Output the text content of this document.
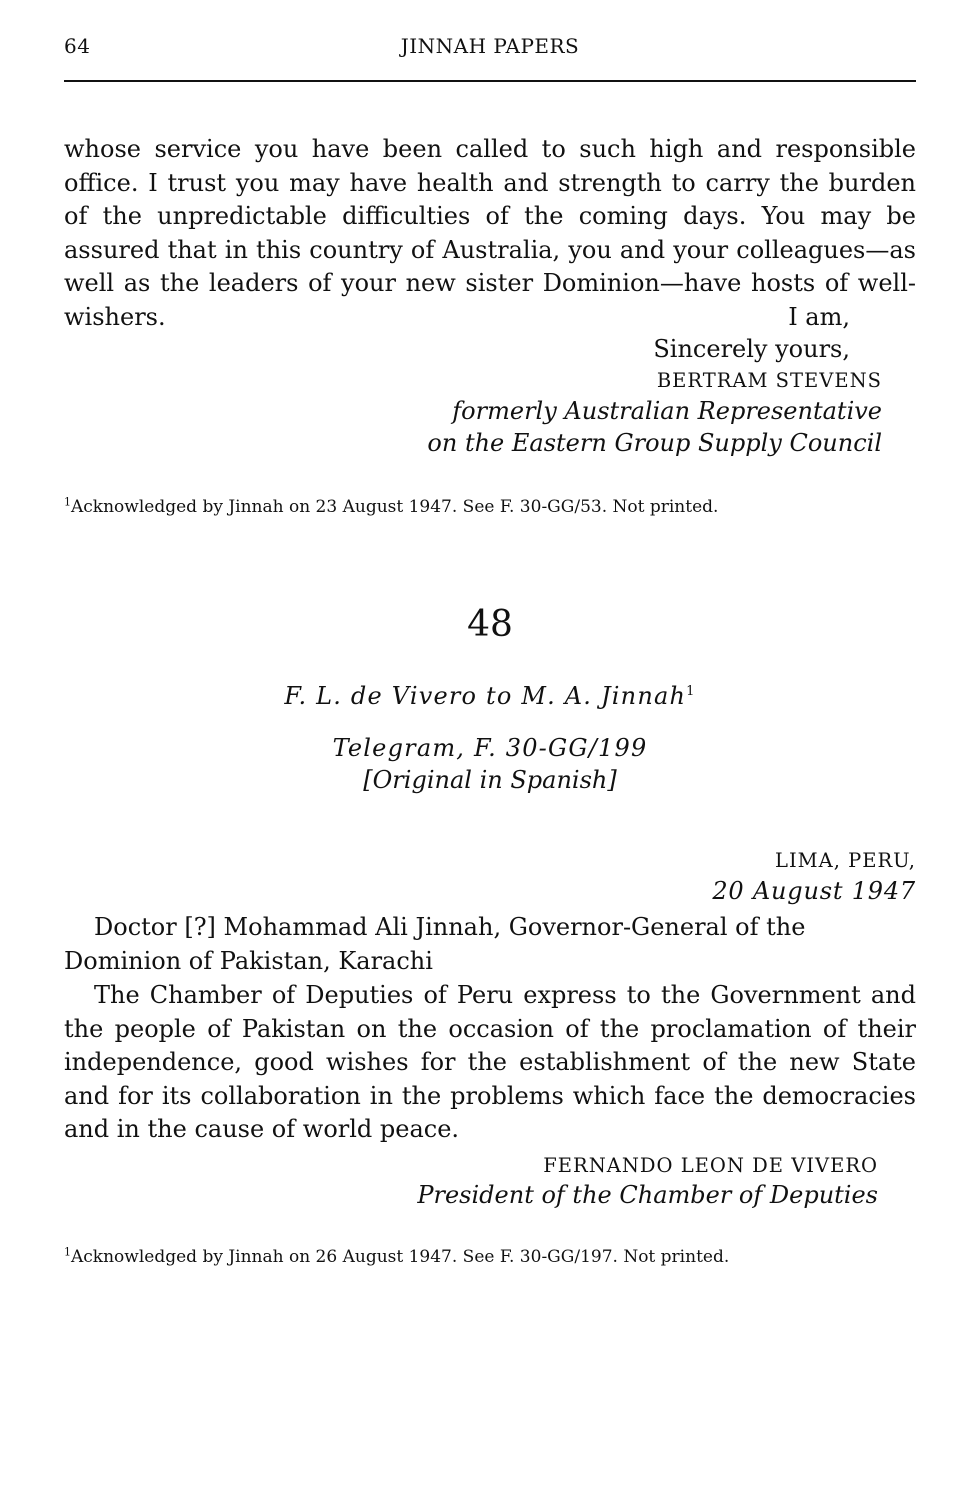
64	JINNAH PAPERS

whose service you have been called to such high and responsible office. I trust you may have health and strength to carry the burden of the unpredictable difficulties of the coming days. You may be assured that in this country of Australia, you and your colleagues—as well as the leaders of your new sister Dominion—have hosts of well-wishers.	I am,
Sincerely yours,
BERTRAM STEVENS
formerly Australian Representative
on the Eastern Group Supply Council
$^1$Acknowledged by Jinnah on 23 August 1947. See F. 30-GG/53. Not printed.
48
F. L. de Vivero to M. A. Jinnah$^1$
Telegram, F. 30-GG/199
[Original in Spanish]
LIMA, PERU,
20 August 1947

Doctor [?] Mohammad Ali Jinnah, Governor-General of the Dominion of Pakistan, Karachi

The Chamber of Deputies of Peru express to the Government and the people of Pakistan on the occasion of the proclamation of their independence, good wishes for the establishment of the new State and for its collaboration in the problems which face the democracies and in the cause of world peace.

FERNANDO LEON DE VIVERO
President of the Chamber of Deputies
$^1$Acknowledged by Jinnah on 26 August 1947. See F. 30-GG/197. Not printed.
